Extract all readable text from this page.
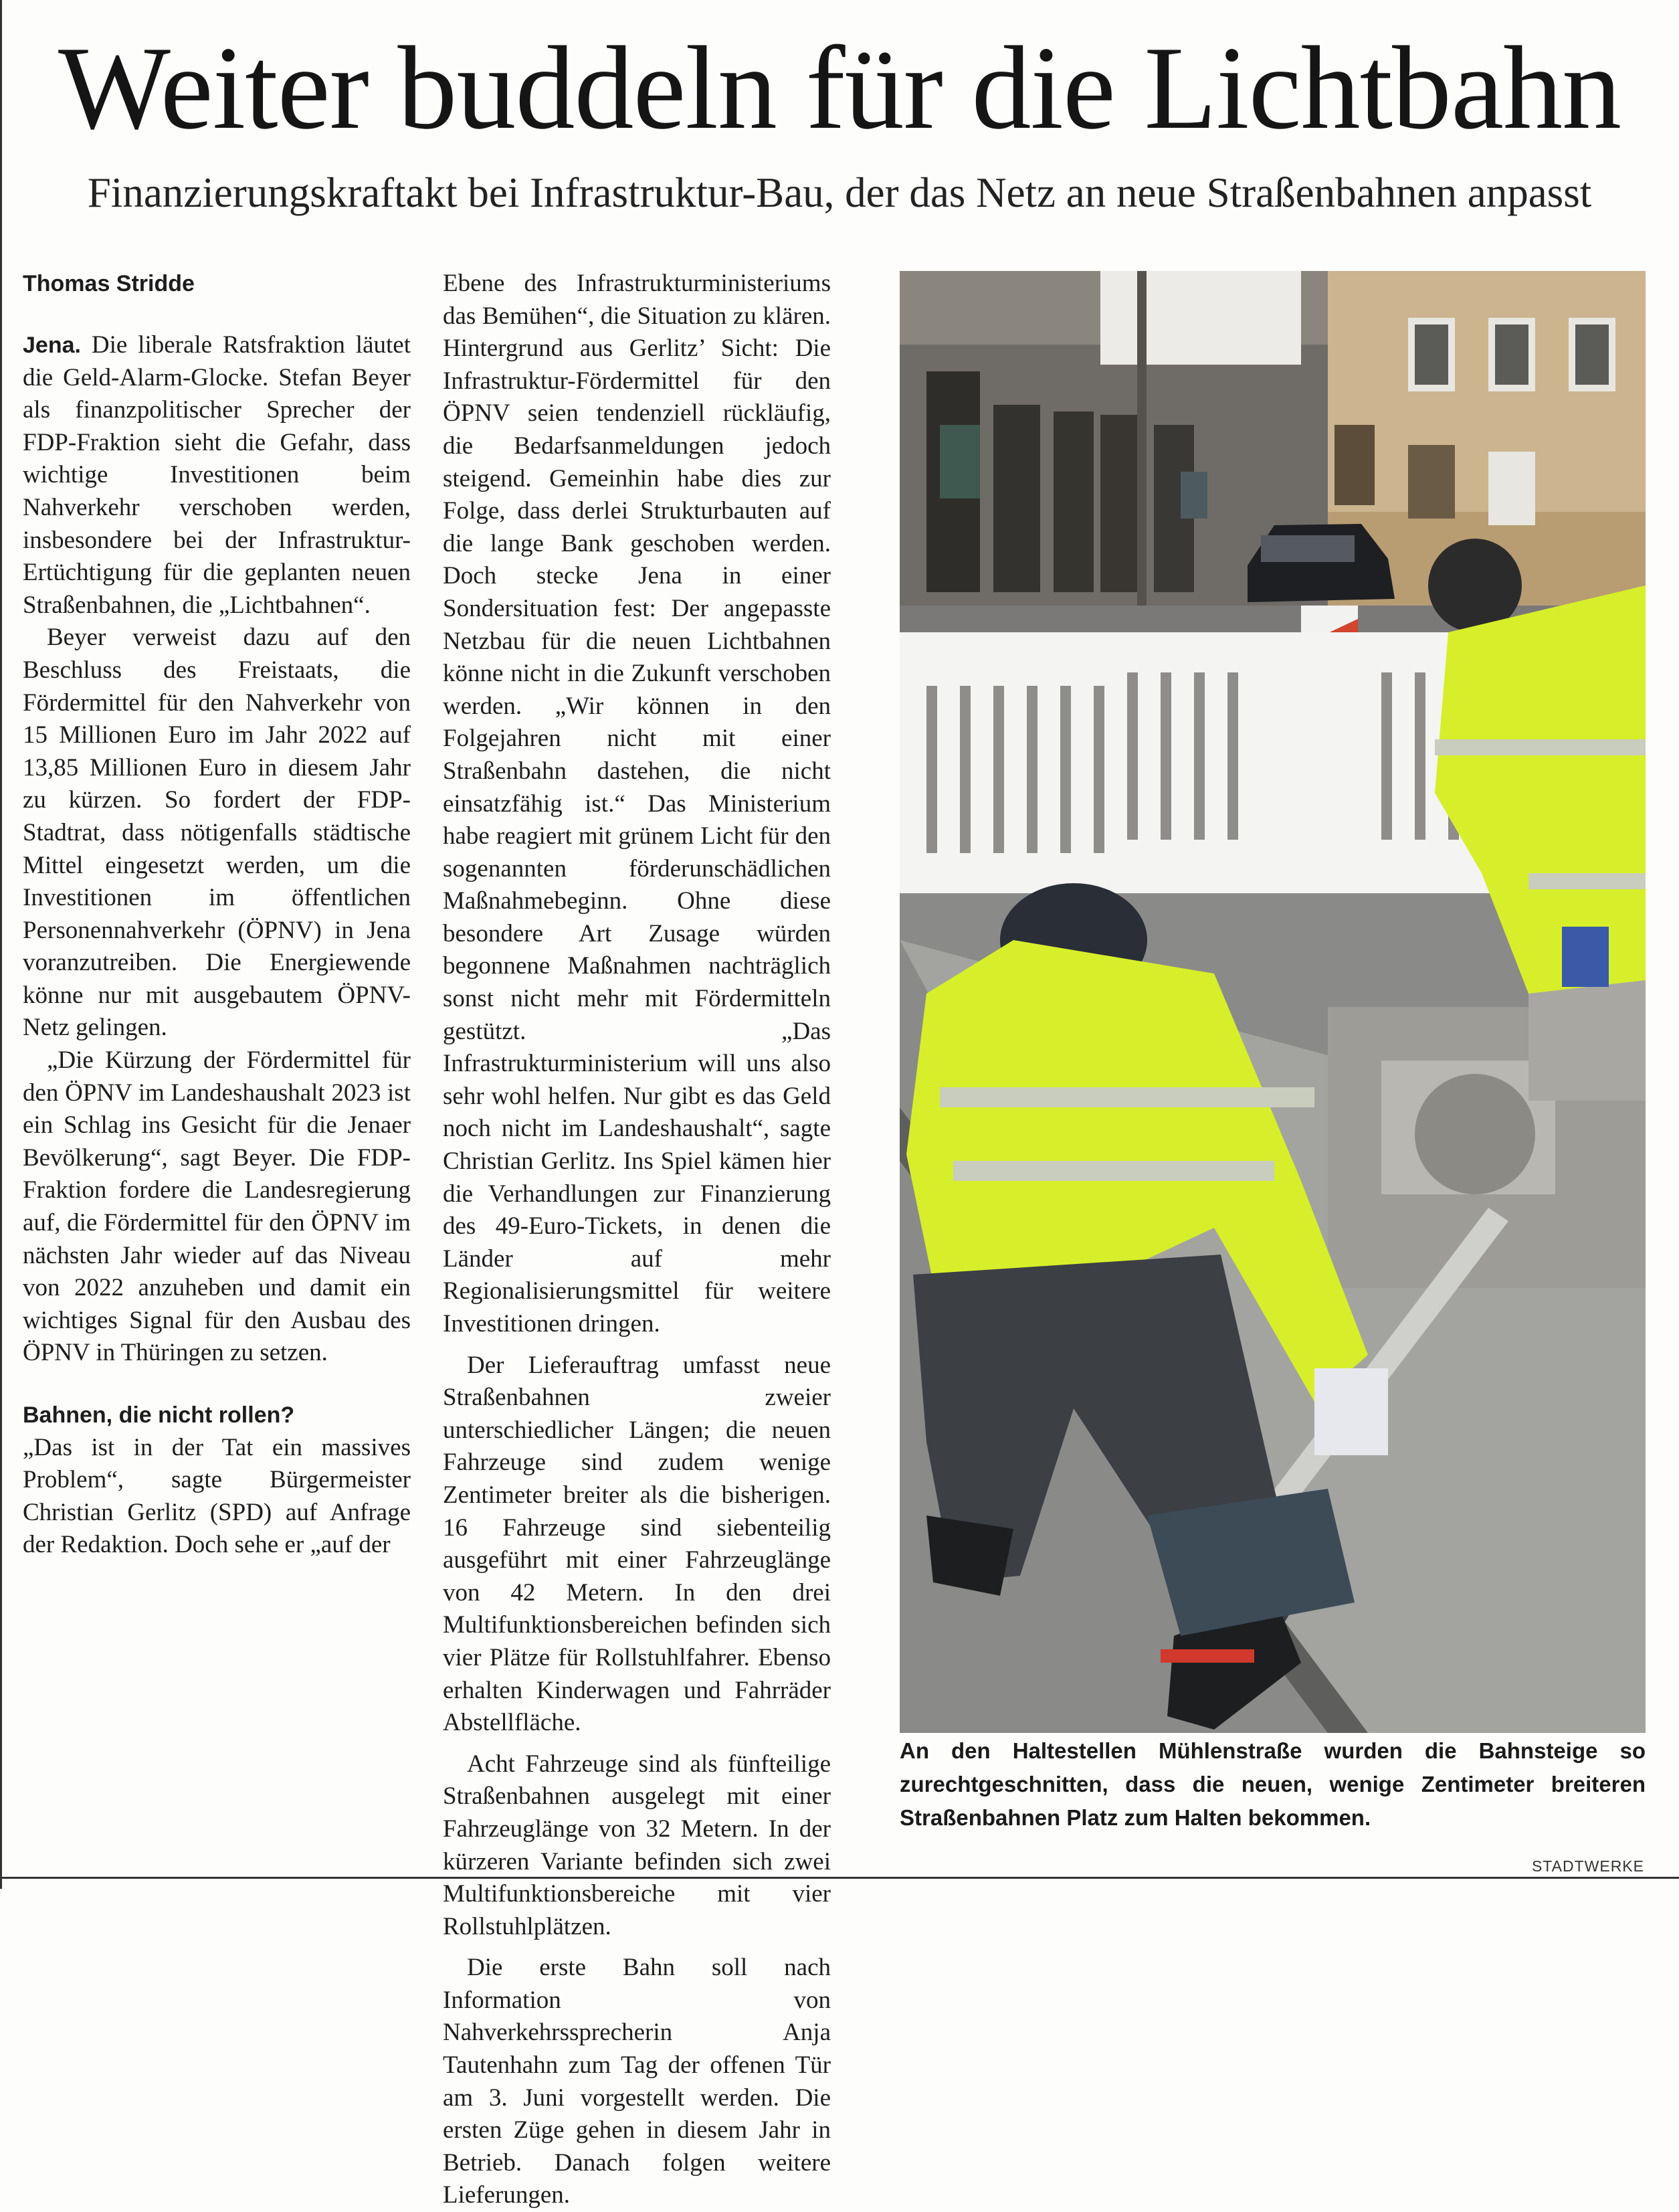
Weiter buddeln für die Lichtbahn
Finanzierungskraftakt bei Infrastruktur-Bau, der das Netz an neue Straßenbahnen anpasst
Thomas Stridde

Jena. Die liberale Ratsfraktion läutet die Geld-Alarm-Glocke. Stefan Beyer als finanzpolitischer Sprecher der FDP-Fraktion sieht die Gefahr, dass wichtige Investitionen beim Nahverkehr verschoben werden, insbesondere bei der Infrastruktur-Ertüchtigung für die geplanten neuen Straßenbahnen, die „Lichtbahnen“.

Beyer verweist dazu auf den Beschluss des Freistaats, die Fördermittel für den Nahverkehr von 15 Millionen Euro im Jahr 2022 auf 13,85 Millionen Euro in diesem Jahr zu kürzen. So fordert der FDP-Stadtrat, dass nötigenfalls städtische Mittel eingesetzt werden, um die Investitionen im öffentlichen Personennahverkehr (ÖPNV) in Jena voranzutreiben. Die Energiewende könne nur mit ausgebautem ÖPNV-Netz gelingen.

„Die Kürzung der Fördermittel für den ÖPNV im Landeshaushalt 2023 ist ein Schlag ins Gesicht für die Jenaer Bevölkerung“, sagt Beyer. Die FDP-Fraktion fordere die Landesregierung auf, die Fördermittel für den ÖPNV im nächsten Jahr wieder auf das Niveau von 2022 anzuheben und damit ein wichtiges Signal für den Ausbau des ÖPNV in Thüringen zu setzen.

Bahnen, die nicht rollen?

„Das ist in der Tat ein massives Problem“, sagte Bürgermeister Christian Gerlitz (SPD) auf Anfrage der Redaktion. Doch sehe er „auf der

Ebene des Infrastrukturministeriums das Bemühen“, die Situation zu klären. Hintergrund aus Gerlitz’ Sicht: Die Infrastruktur-Fördermittel für den ÖPNV seien tendenziell rückläufig, die Bedarfsanmeldungen jedoch steigend. Gemeinhin habe dies zur Folge, dass derlei Strukturbauten auf die lange Bank geschoben werden. Doch stecke Jena in einer Sondersituation fest: Der angepasste Netzbau für die neuen Lichtbahnen könne nicht in die Zukunft verschoben werden. „Wir können in den Folgejahren nicht mit einer Straßenbahn dastehen, die nicht einsatzfähig ist.“ Das Ministerium habe reagiert mit grünem Licht für den sogenannten förderunschädlichen Maßnahmebeginn. Ohne diese besondere Art Zusage würden begonnene Maßnahmen nachträglich sonst nicht mehr mit Fördermitteln gestützt. „Das Infrastrukturministerium will uns also sehr wohl helfen. Nur gibt es das Geld noch nicht im Landeshaushalt“, sagte Christian Gerlitz. Ins Spiel kämen hier die Verhandlungen zur Finanzierung des 49-Euro-Tickets, in denen die Länder auf mehr Regionalisierungsmittel für weitere Investitionen dringen.

Der Lieferauftrag umfasst neue Straßenbahnen zweier unterschiedlicher Längen; die neuen Fahrzeuge sind zudem wenige Zentimeter breiter als die bisherigen. 16 Fahrzeuge sind siebenteilig ausgeführt mit einer Fahrzeuglänge von 42 Metern. In den drei Multifunktionsbereichen befinden sich vier Plätze für Rollstuhlfahrer. Ebenso erhalten Kinderwagen und Fahrräder Abstellfläche.

Acht Fahrzeuge sind als fünfteilige Straßenbahnen ausgelegt mit einer Fahrzeuglänge von 32 Metern. In der kürzeren Variante befinden sich zwei Multifunktionsbereiche mit vier Rollstuhlplätzen.

Die erste Bahn soll nach Information von Nahverkehrssprecherin Anja Tautenhahn zum Tag der offenen Tür am 3. Juni vorgestellt werden. Die ersten Züge gehen in diesem Jahr in Betrieb. Danach folgen weitere Lieferungen.

An den Haltestellen Mühlenstraße wurden die Bahnsteige so zurechtgeschnitten, dass die neuen, wenige Zentimeter breiteren Straßenbahnen Platz zum Halten bekommen.

STADTWERKE
